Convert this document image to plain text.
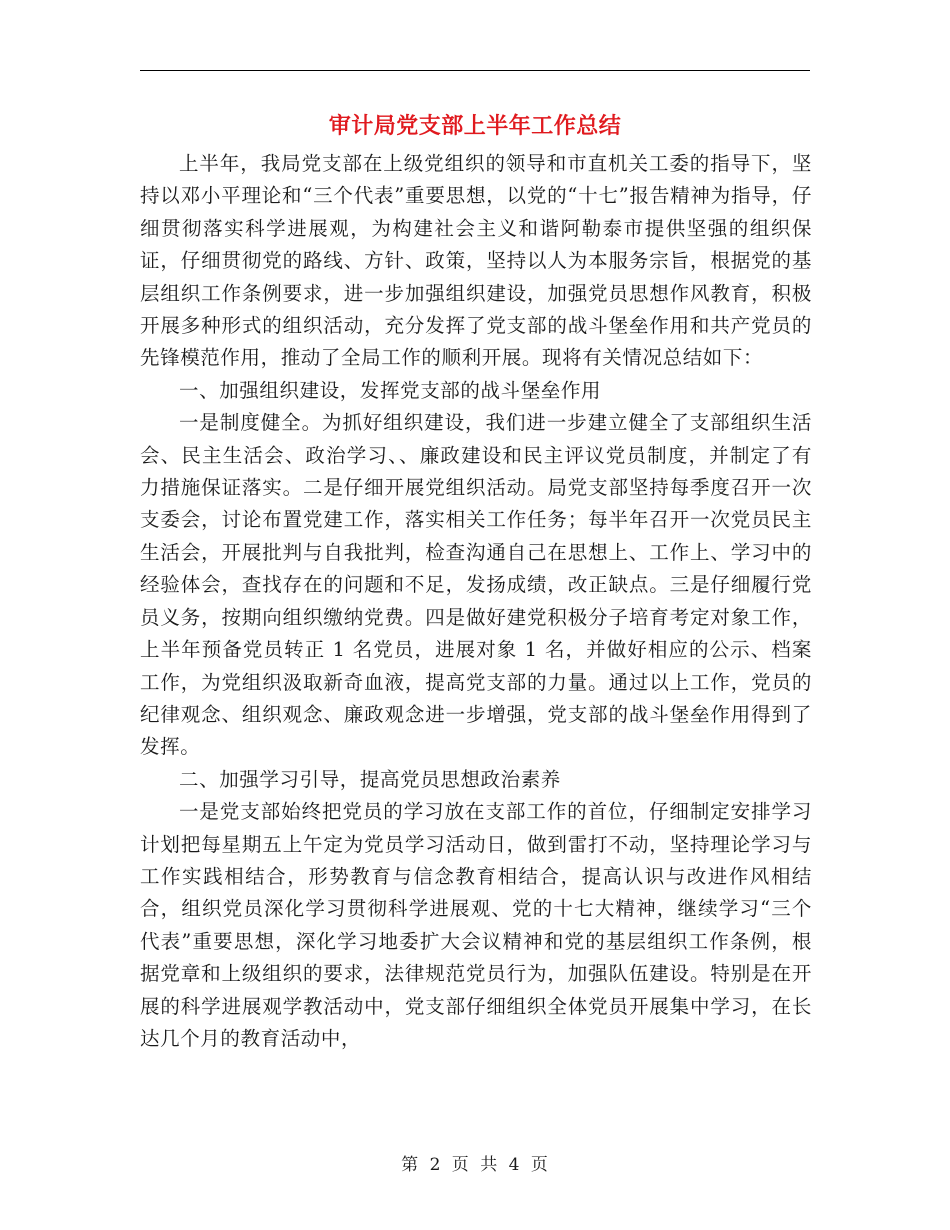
审计局党支部上半年工作总结

上半年，我局党支部在上级党组织的领导和市直机关工委的指导下，坚持以邓小平理论和“三个代表”重要思想，以党的“十七”报告精神为指导，仔细贯彻落实科学进展观，为构建社会主义和谐阿勒泰市提供坚强的组织保证，仔细贯彻党的路线、方针、政策，坚持以人为本服务宗旨，根据党的基层组织工作条例要求，进一步加强组织建设，加强党员思想作风教育，积极开展多种形式的组织活动，充分发挥了党支部的战斗堡垒作用和共产党员的先锋模范作用，推动了全局工作的顺利开展。现将有关情况总结如下：

一、加强组织建设，发挥党支部的战斗堡垒作用

一是制度健全。为抓好组织建设，我们进一步建立健全了支部组织生活会、民主生活会、政治学习、、廉政建设和民主评议党员制度，并制定了有力措施保证落实。二是仔细开展党组织活动。局党支部坚持每季度召开一次支委会，讨论布置党建工作，落实相关工作任务；每半年召开一次党员民主生活会，开展批判与自我批判，检查沟通自己在思想上、工作上、学习中的经验体会，查找存在的问题和不足，发扬成绩，改正缺点。三是仔细履行党员义务，按期向组织缴纳党费。四是做好建党积极分子培育考定对象工作，上半年预备党员转正 1 名党员，进展对象 1 名，并做好相应的公示、档案工作，为党组织汲取新奇血液，提高党支部的力量。通过以上工作，党员的纪律观念、组织观念、廉政观念进一步增强，党支部的战斗堡垒作用得到了发挥。

二、加强学习引导，提高党员思想政治素养

一是党支部始终把党员的学习放在支部工作的首位，仔细制定安排学习计划把每星期五上午定为党员学习活动日，做到雷打不动，坚持理论学习与工作实践相结合，形势教育与信念教育相结合，提高认识与改进作风相结合，组织党员深化学习贯彻科学进展观、党的十七大精神，继续学习“三个代表”重要思想，深化学习地委扩大会议精神和党的基层组织工作条例，根据党章和上级组织的要求，法律规范党员行为，加强队伍建设。特别是在开展的科学进展观学教活动中，党支部仔细组织全体党员开展集中学习，在长达几个月的教育活动中，

第 2 页 共 4 页
